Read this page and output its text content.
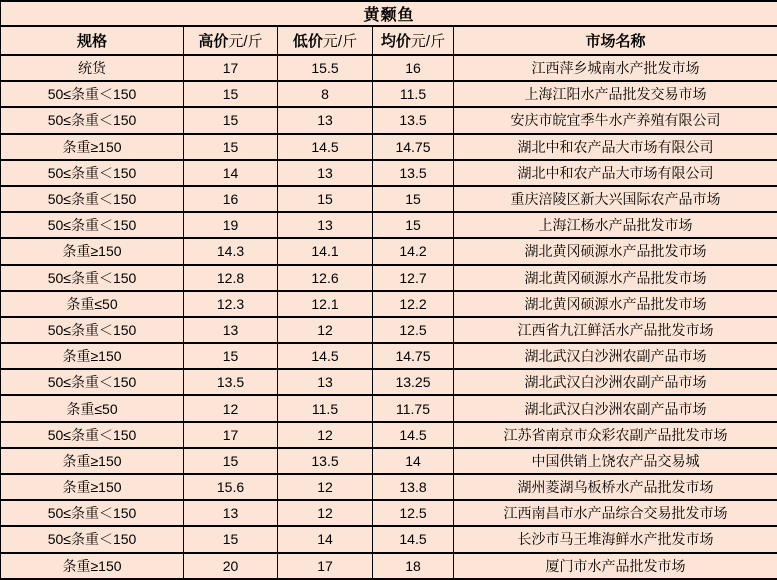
黄颡鱼				
规格	高价元/斤	低价元/斤	均价元/斤	市场名称
统货	17	15.5	16	江西萍乡城南水产批发市场
50≤条重＜150	15	8	11.5	上海江阳水产品批发交易市场
50≤条重＜150	15	13	13.5	安庆市皖宜季牛水产养殖有限公司
条重≥150	15	14.5	14.75	湖北中和农产品大市场有限公司
50≤条重＜150	14	13	13.5	湖北中和农产品大市场有限公司
50≤条重＜150	16	15	15	重庆涪陵区新大兴国际农产品市场
50≤条重＜150	19	13	15	上海江杨水产品批发市场
条重≥150	14.3	14.1	14.2	湖北黄冈硕源水产品批发市场
50≤条重＜150	12.8	12.6	12.7	湖北黄冈硕源水产品批发市场
条重≤50	12.3	12.1	12.2	湖北黄冈硕源水产品批发市场
50≤条重＜150	13	12	12.5	江西省九江鲜活水产品批发市场
条重≥150	15	14.5	14.75	湖北武汉白沙洲农副产品市场
50≤条重＜150	13.5	13	13.25	湖北武汉白沙洲农副产品市场
条重≤50	12	11.5	11.75	湖北武汉白沙洲农副产品市场
50≤条重＜150	17	12	14.5	江苏省南京市众彩农副产品批发市场
条重≥150	15	13.5	14	中国供销上饶农产品交易城
条重≥150	15.6	12	13.8	湖州菱湖乌板桥水产品批发市场
50≤条重＜150	13	12	12.5	江西南昌市水产品综合交易批发市场
50≤条重＜150	15	14	14.5	长沙市马王堆海鲜水产批发市场
条重≥150	20	17	18	厦门市水产品批发市场
